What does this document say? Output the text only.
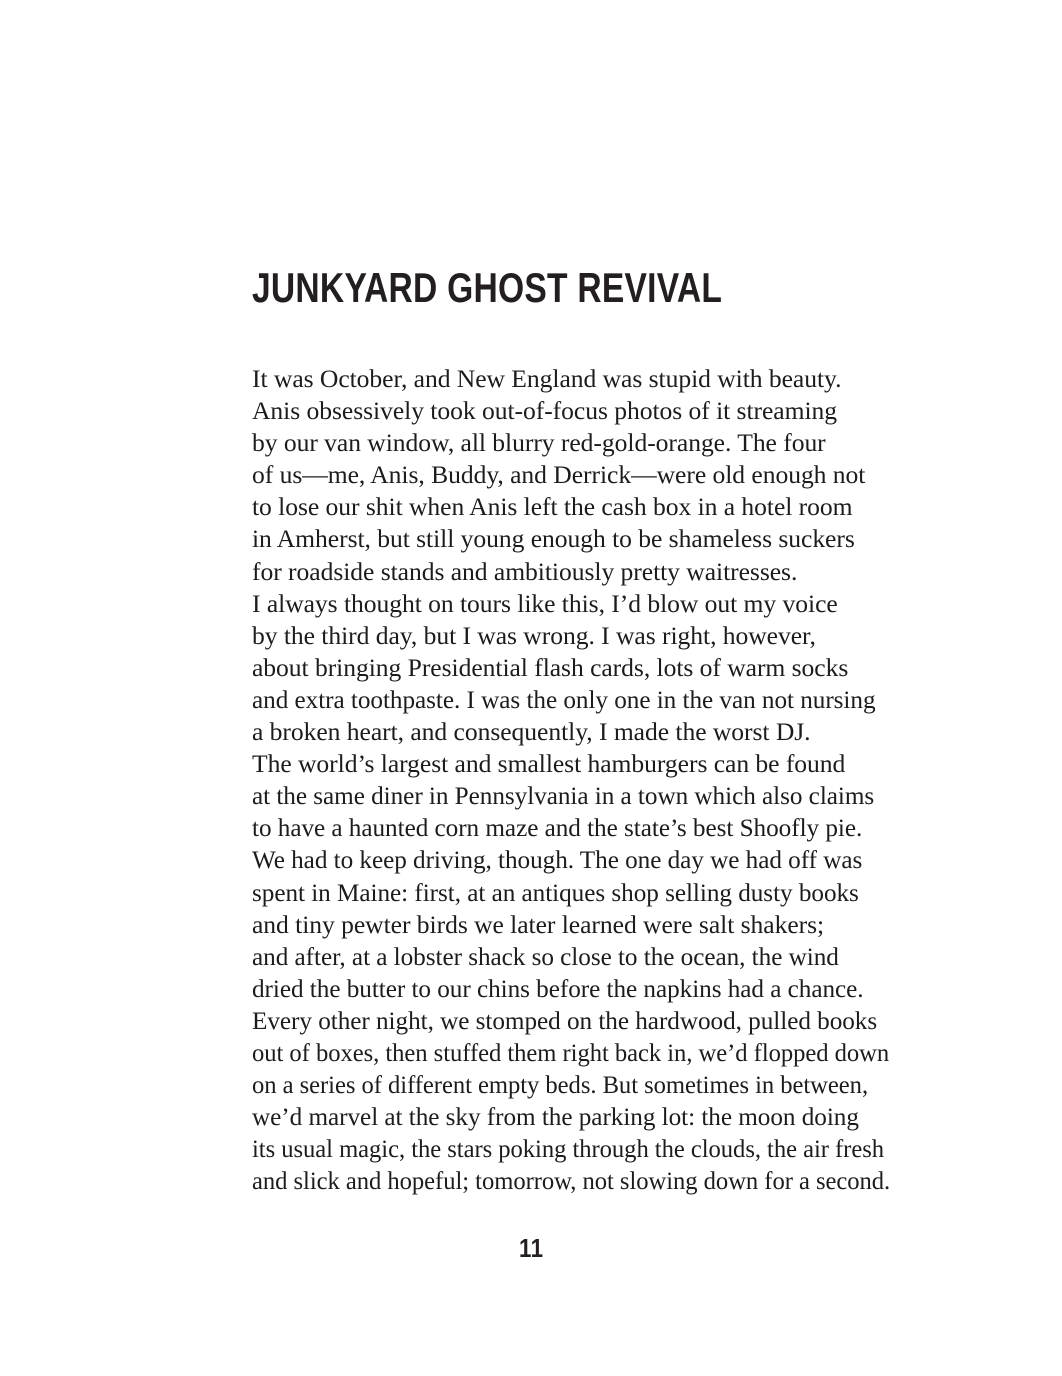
JUNKYARD GHOST REVIVAL
It was October, and New England was stupid with beauty.
Anis obsessively took out-of-focus photos of it streaming
by our van window, all blurry red-gold-orange. The four
of us—me, Anis, Buddy, and Derrick—were old enough not
to lose our shit when Anis left the cash box in a hotel room
in Amherst, but still young enough to be shameless suckers
for roadside stands and ambitiously pretty waitresses.
I always thought on tours like this, I’d blow out my voice
by the third day, but I was wrong. I was right, however,
about bringing Presidential flash cards, lots of warm socks
and extra toothpaste. I was the only one in the van not nursing
a broken heart, and consequently, I made the worst DJ.
The world’s largest and smallest hamburgers can be found
at the same diner in Pennsylvania in a town which also claims
to have a haunted corn maze and the state’s best Shoofly pie.
We had to keep driving, though. The one day we had off was
spent in Maine: first, at an antiques shop selling dusty books
and tiny pewter birds we later learned were salt shakers;
and after, at a lobster shack so close to the ocean, the wind
dried the butter to our chins before the napkins had a chance.
Every other night, we stomped on the hardwood, pulled books
out of boxes, then stuffed them right back in, we’d flopped down
on a series of different empty beds. But sometimes in between,
we’d marvel at the sky from the parking lot: the moon doing
its usual magic, the stars poking through the clouds, the air fresh
and slick and hopeful; tomorrow, not slowing down for a second.
11
